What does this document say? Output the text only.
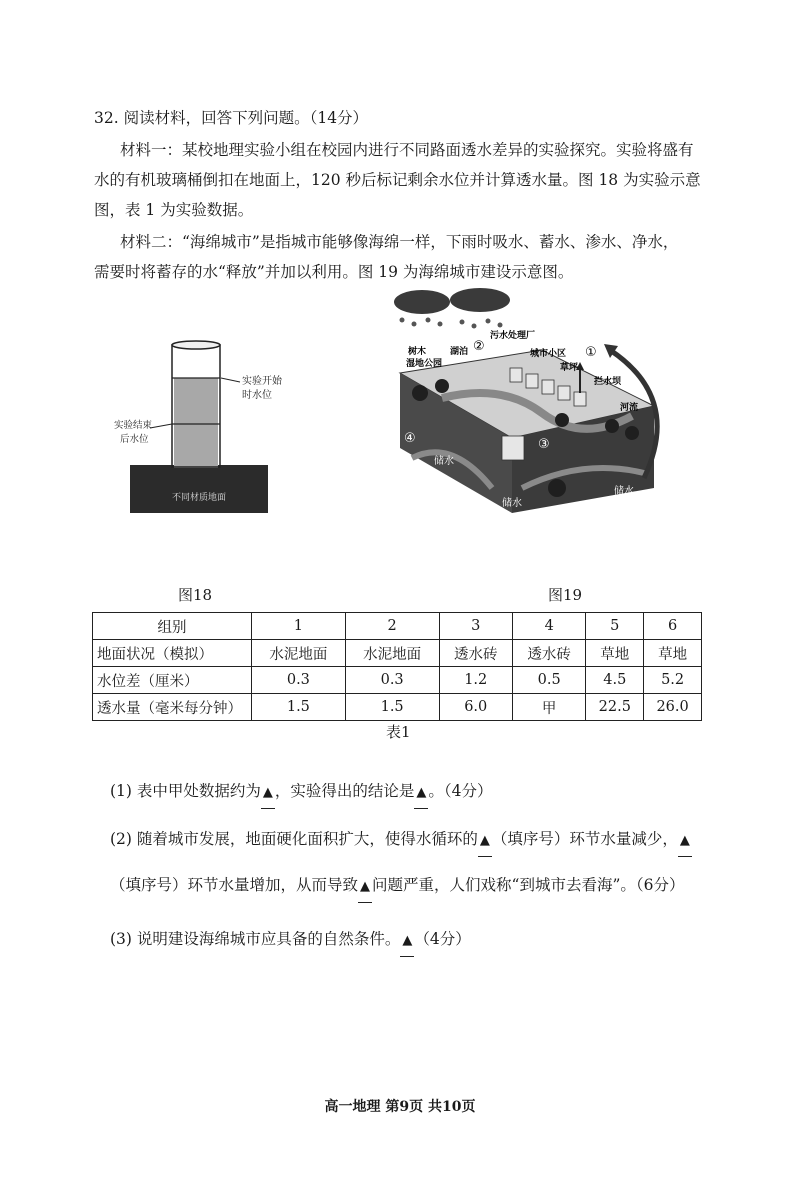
32. 阅读材料，回答下列问题。（14分）
材料一：某校地理实验小组在校园内进行不同路面透水差异的实验探究。实验将盛有
水的有机玻璃桶倒扣在地面上，120 秒后标记剩余水位并计算透水量。图 18 为实验示意
图，表 1 为实验数据。
材料二：“海绵城市”是指城市能够像海绵一样，下雨时吸水、蓄水、渗水、净水，
需要时将蓄存的水“释放”并加以利用。图 19 为海绵城市建设示意图。
不同材质地面
实验开始
时水位
实验结束
后水位
树木
湿地公园
湖泊
污水处理厂
城市小区
草坪
拦水坝
河流
储水
储水
储水
储水
①
②
③
④
图18	图19
组别	1	2	3	4	5	6
地面状况（模拟）	水泥地面	水泥地面	透水砖	透水砖	草地	草地
水位差（厘米）	0.3	0.3	1.2	0.5	4.5	5.2
透水量（毫米每分钟）	1.5	1.5	6.0	甲	22.5	26.0
表1
(1) 表中甲处数据约为 ▲ ，实验得出的结论是 ▲ 。（4分）
(2) 随着城市发展，地面硬化面积扩大，使得水循环的 ▲ （填序号）环节水量减少， ▲
（填序号）环节水量增加，从而导致 ▲ 问题严重，人们戏称“到城市去看海”。（6分）
(3) 说明建设海绵城市应具备的自然条件。 ▲ （4分）
高一地理 第9页 共10页
